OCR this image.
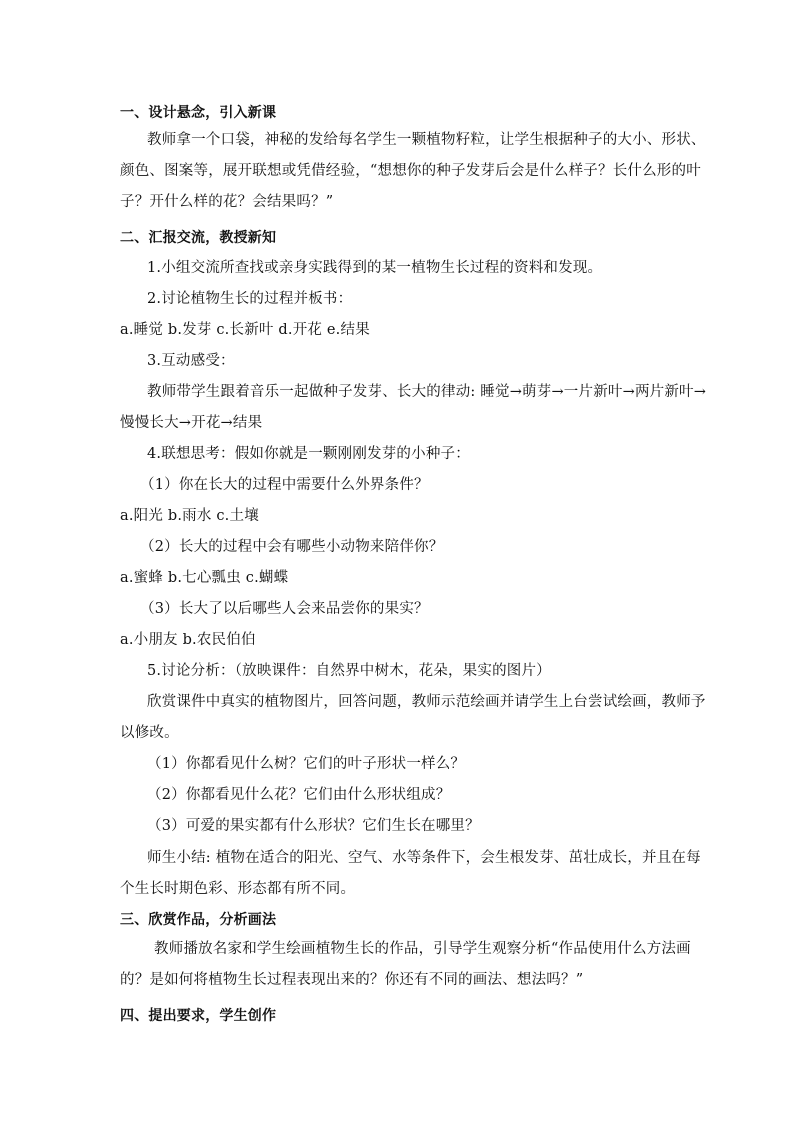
一、设计悬念，引入新课
教师拿一个口袋，神秘的发给每名学生一颗植物籽粒，让学生根据种子的大小、形状、
颜色、图案等，展开联想或凭借经验，“想想你的种子发芽后会是什么样子？长什么形的叶
子？开什么样的花？会结果吗？”
二、汇报交流，教授新知
1.小组交流所查找或亲身实践得到的某一植物生长过程的资料和发现。
2.讨论植物生长的过程并板书：
a.睡觉 b.发芽 c.长新叶 d.开花 e.结果
3.互动感受：
教师带学生跟着音乐一起做种子发芽、长大的律动: 睡觉→萌芽→一片新叶→两片新叶→
慢慢长大→开花→结果
4.联想思考：假如你就是一颗刚刚发芽的小种子：
（1）你在长大的过程中需要什么外界条件？
a.阳光 b.雨水 c.土壤
（2）长大的过程中会有哪些小动物来陪伴你？
a.蜜蜂 b.七心瓢虫 c.蝴蝶
（3）长大了以后哪些人会来品尝你的果实？
a.小朋友 b.农民伯伯
5.讨论分析：（放映课件：自然界中树木，花朵，果实的图片）
欣赏课件中真实的植物图片，回答问题，教师示范绘画并请学生上台尝试绘画，教师予
以修改。
（1）你都看见什么树？它们的叶子形状一样么？
（2）你都看见什么花？它们由什么形状组成？
（3）可爱的果实都有什么形状？它们生长在哪里？
师生小结: 植物在适合的阳光、空气、水等条件下，会生根发芽、茁壮成长，并且在每
个生长时期色彩、形态都有所不同。
三、欣赏作品，分析画法
教师播放名家和学生绘画植物生长的作品，引导学生观察分析“作品使用什么方法画
的？是如何将植物生长过程表现出来的？你还有不同的画法、想法吗？”
四、提出要求，学生创作
